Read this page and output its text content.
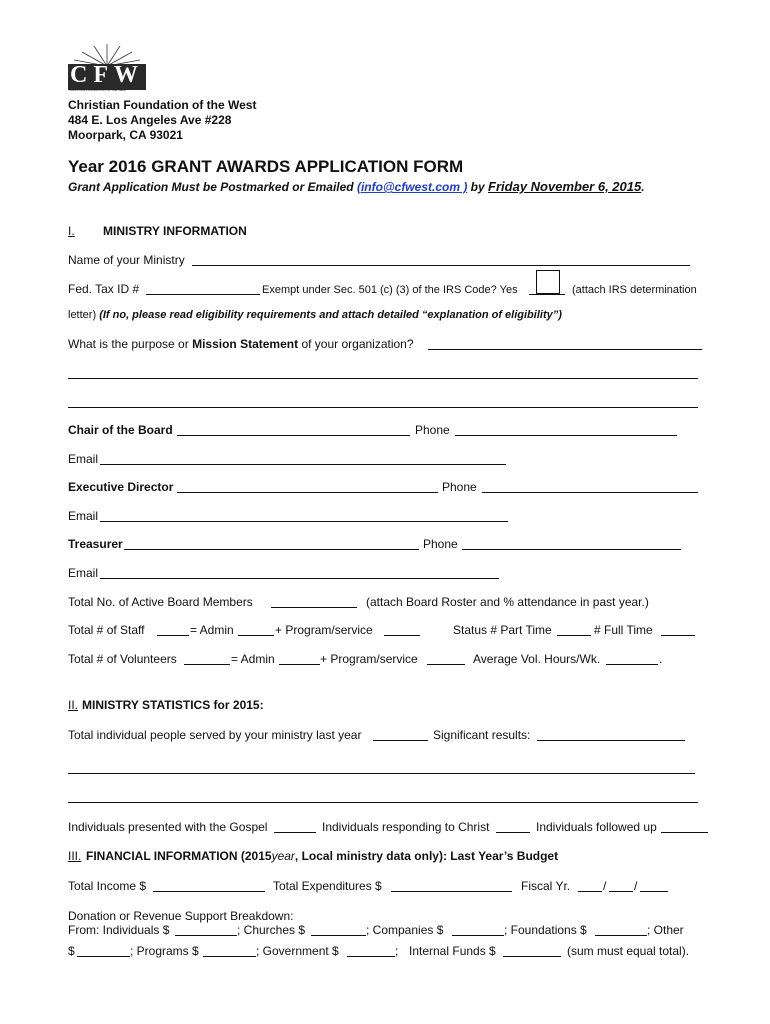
CFW
CHRISTIAN FOUNDATION OF THE WEST
Christian Foundation of the West
484 E. Los Angeles Ave #228
Moorpark, CA 93021
Year 2016 GRANT AWARDS APPLICATION FORM
Grant Application Must be Postmarked or Emailed (info@cfwest.com ) by Friday November 6, 2015.
I. MINISTRY INFORMATION
Name of your Ministry
Fed. Tax ID #	Exempt under Sec. 501 (c) (3) of the IRS Code? Yes	(attach IRS determination
letter) (If no, please read eligibility requirements and attach detailed “explanation of eligibility”)
What is the purpose or Mission Statement of your organization?
Chair of the Board	Phone
Email
Executive Director	Phone
Email
Treasurer	Phone
Email
Total No. of Active Board Members	(attach Board Roster and % attendance in past year.)
Total # of Staff	= Admin	+ Program/service	Status # Part Time	# Full Time
Total # of Volunteers	= Admin	+ Program/service	Average Vol. Hours/Wk.	.
II. MINISTRY STATISTICS for 2015:
Total individual people served by your ministry last year	Significant results:
Individuals presented with the Gospel	Individuals responding to Christ	Individuals followed up
III. FINANCIAL INFORMATION (2015year, Local ministry data only): Last Year’s Budget
Total Income $	Total Expenditures $	Fiscal Yr.	/ /
Donation or Revenue Support Breakdown:
From: Individuals $	; Churches $	; Companies $	; Foundations $	; Other
$	; Programs $	; Government $	; Internal Funds $	(sum must equal total).
